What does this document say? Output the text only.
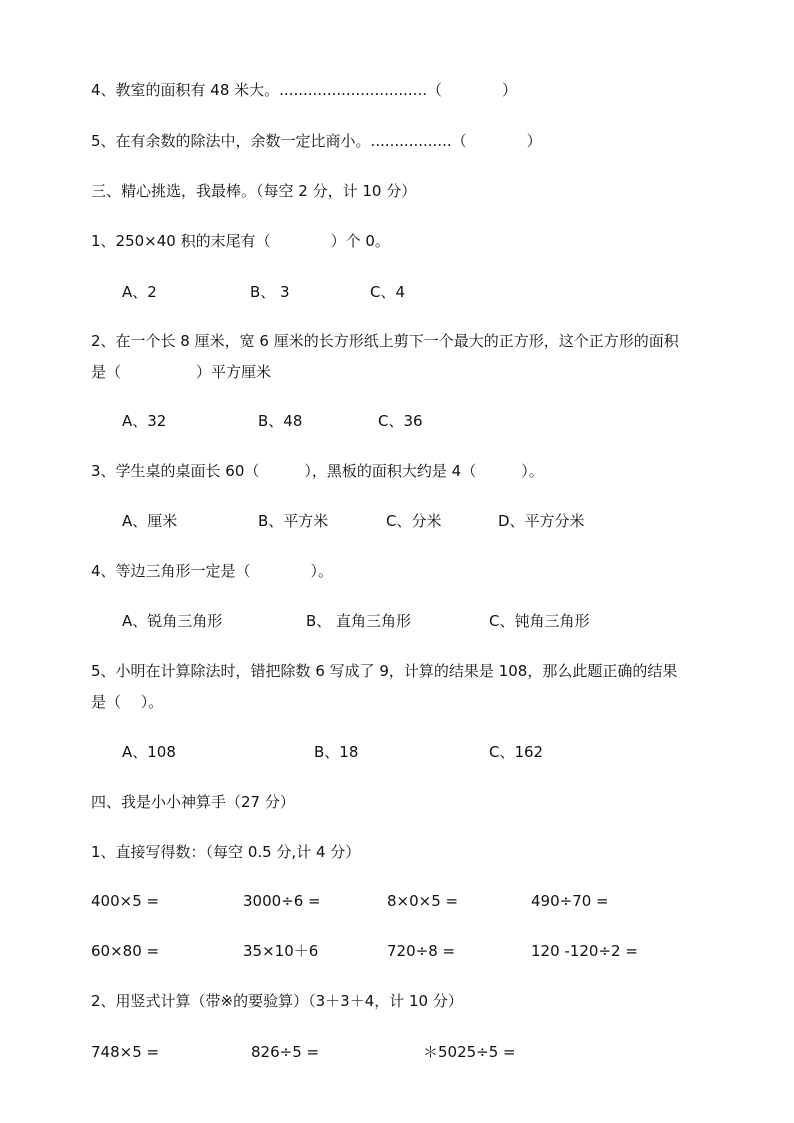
4、教室的面积有 48 米大。...............................（　　　　）
5、在有余数的除法中，余数一定比商小。.................（　　　　）
三、精心挑选，我最棒。（每空 2 分，计 10 分）
1、250×40 积的末尾有（　　　　）个 0。
A、2	B、 3	C、4
2、在一个长 8 厘米，宽 6 厘米的长方形纸上剪下一个最大的正方形，这个正方形的面积
是（　　　　　）平方厘米
A、32	B、48	C、36
3、学生桌的桌面长 60（　　　），黑板的面积大约是 4（　　　）。
A、厘米	B、平方米	C、分米	D、平方分米
4、等边三角形一定是（　　　　）。
A、锐角三角形	B、 直角三角形	C、钝角三角形
5、小明在计算除法时，错把除数 6 写成了 9，计算的结果是 108，那么此题正确的结果
是（　 ）。
A、108	B、18	C、162
四、我是小小神算手（27 分）
1、直接写得数：（每空 0.5 分,计 4 分）
400×5 =	3000÷6 =	8×0×5 =	490÷70 =
60×80 =	35×10＋6	720÷8 =	120 -120÷2 =
2、用竖式计算（带※的要验算）（3＋3＋4，计 10 分）
748×5 =	826÷5 =	＊5025÷5 =
